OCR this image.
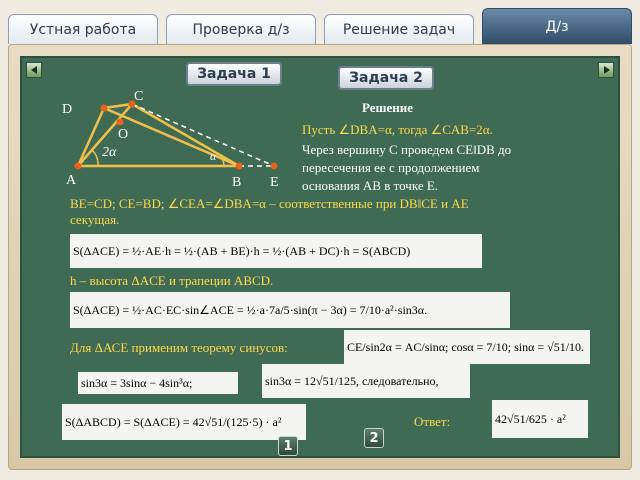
Устная работа	Проверка д/з	Решение задач	Д/з
Задача 1	Задача 2
D
C
O
A	B E
2α	α
Решение
Пусть ∠DBA=α, тогда ∠CAB=2α.
Через вершину С проведем СЕ‖DB до
пересечения ее с продолжением
основания АВ в точке Е.
BE=CD; CE=BD; ∠CEA=∠DBA=α – соответственные при DB‖CE и AE
секущая.
S(ΔACE) = ½·AE·h = ½·(AB + BE)·h = ½·(AB + DC)·h = S(ABCD)
h – высота ΔАCE и трапеции ABCD.
S(ΔACE) = ½·AC·EC·sin∠ACE = ½·a·7a/5·sin(π − 3α) = 7/10·a²·sin3α.
Для ΔАСЕ применим теорему синусов:	CE/sin2α = AC/sinα; cosα = 7/10; sinα = √51/10.
sin3α = 3sinα − 4sin³α;	sin3α = 12√51/125, следовательно,
S(ΔABCD) = S(ΔACE) = 42√51/(125·5) · a²	Ответ:	42√51/625 · a²
2
1
